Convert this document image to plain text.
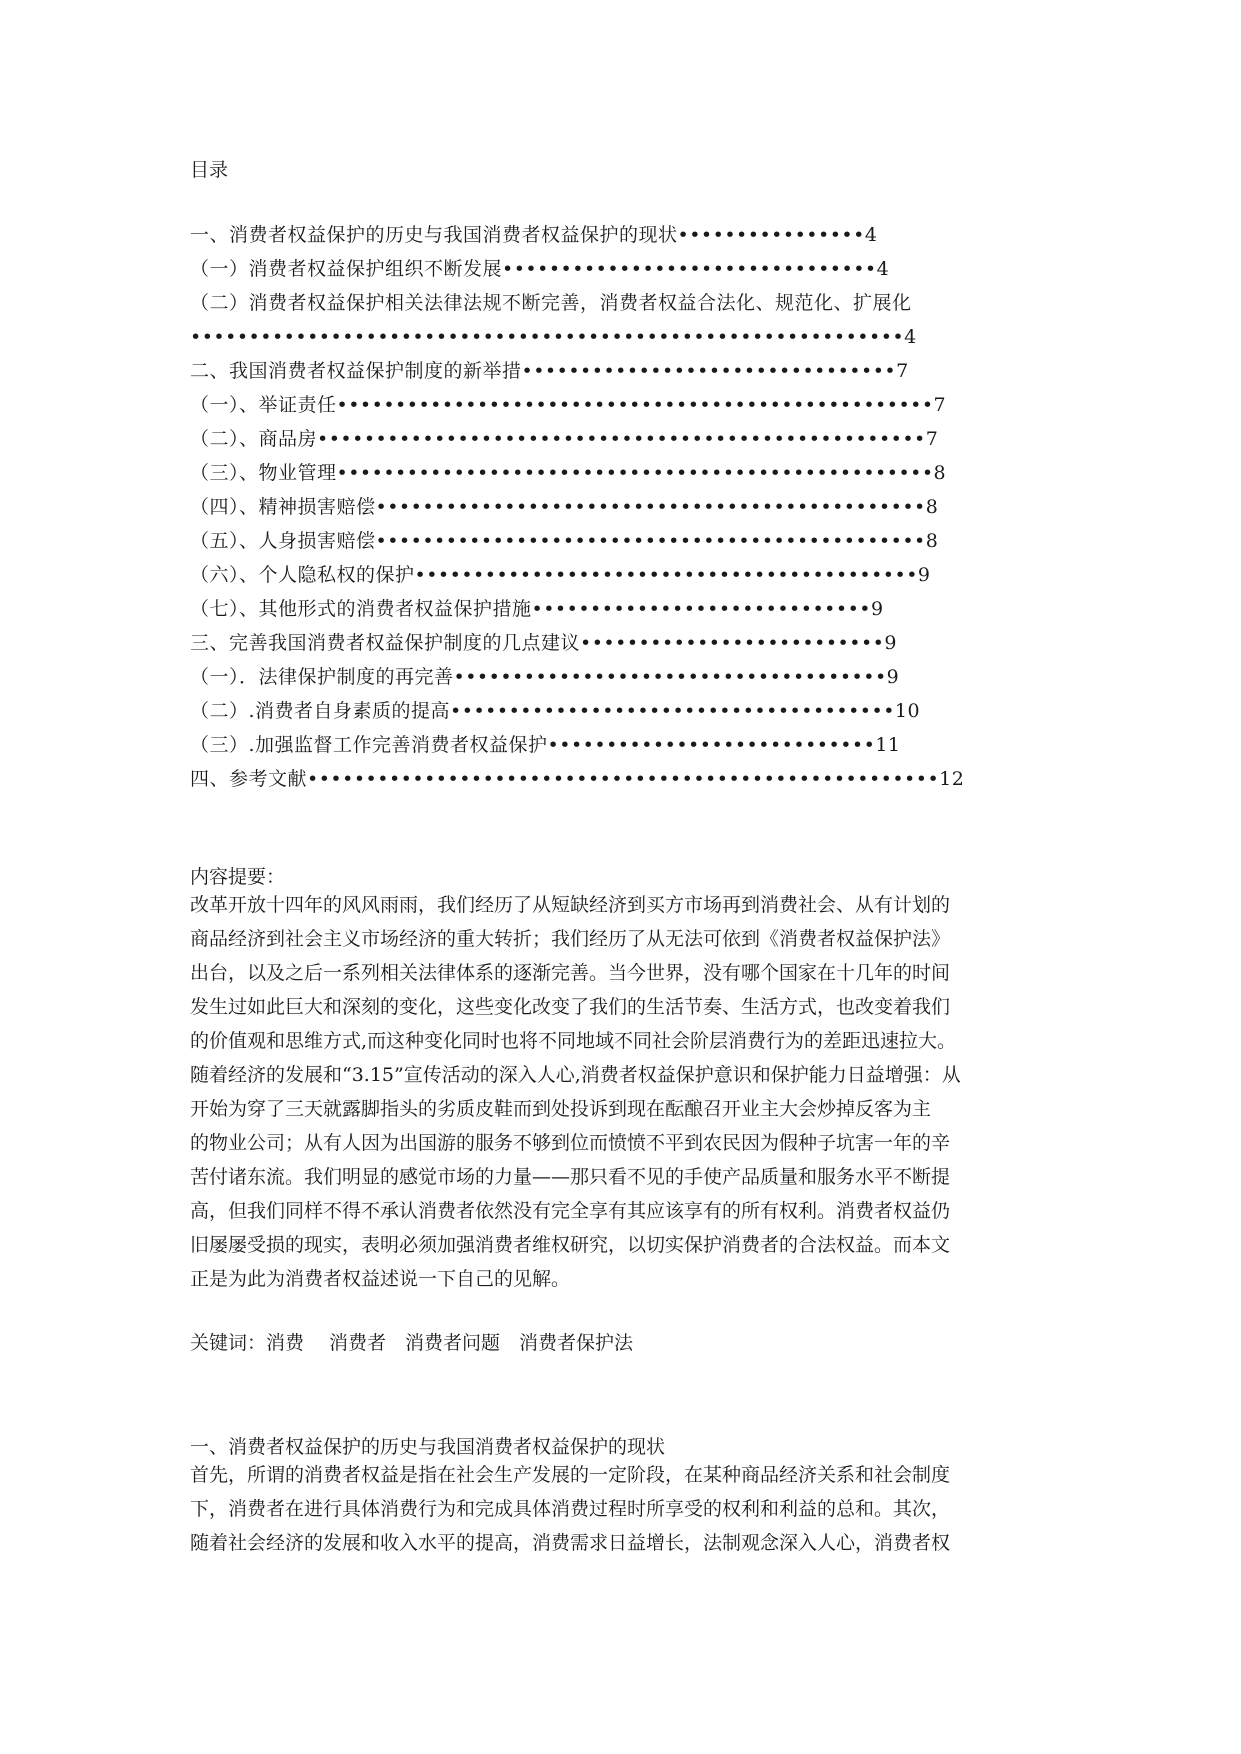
目录
一、消费者权益保护的历史与我国消费者权益保护的现状••••••••••••••••4
（一）消费者权益保护组织不断发展••••••••••••••••••••••••••••••••4
（二）消费者权益保护相关法律法规不断完善，消费者权益合法化、规范化、扩展化
•••••••••••••••••••••••••••••••••••••••••••••••••••••••••••••4
二、我国消费者权益保护制度的新举措••••••••••••••••••••••••••••••••7
（一）、举证责任•••••••••••••••••••••••••••••••••••••••••••••••••••7
（二）、商品房••••••••••••••••••••••••••••••••••••••••••••••••••••7
（三）、物业管理•••••••••••••••••••••••••••••••••••••••••••••••••••8
（四）、精神损害赔偿•••••••••••••••••••••••••••••••••••••••••••••••8
（五）、人身损害赔偿•••••••••••••••••••••••••••••••••••••••••••••••8
（六）、个人隐私权的保护•••••••••••••••••••••••••••••••••••••••••••9
（七）、其他形式的消费者权益保护措施•••••••••••••••••••••••••••••9
三、完善我国消费者权益保护制度的几点建议••••••••••••••••••••••••••9
（一）．法律保护制度的再完善•••••••••••••••••••••••••••••••••••••9
（二）.消费者自身素质的提高••••••••••••••••••••••••••••••••••••••10
（三）.加强监督工作完善消费者权益保护••••••••••••••••••••••••••••11
四、参考文献••••••••••••••••••••••••••••••••••••••••••••••••••••••12
内容提要：
改革开放十四年的风风雨雨，我们经历了从短缺经济到买方市场再到消费社会、从有计划的
商品经济到社会主义市场经济的重大转折；我们经历了从无法可依到《消费者权益保护法》
出台，以及之后一系列相关法律体系的逐渐完善。当今世界，没有哪个国家在十几年的时间
发生过如此巨大和深刻的变化，这些变化改变了我们的生活节奏、生活方式，也改变着我们
的价值观和思维方式,而这种变化同时也将不同地域不同社会阶层消费行为的差距迅速拉大。
随着经济的发展和“3.15”宣传活动的深入人心,消费者权益保护意识和保护能力日益增强：从
开始为穿了三天就露脚指头的劣质皮鞋而到处投诉到现在酝酿召开业主大会炒掉反客为主
的物业公司；从有人因为出国游的服务不够到位而愤愤不平到农民因为假种子坑害一年的辛
苦付诸东流。我们明显的感觉市场的力量——那只看不见的手使产品质量和服务水平不断提
高，但我们同样不得不承认消费者依然没有完全享有其应该享有的所有权利。消费者权益仍
旧屡屡受损的现实，表明必须加强消费者维权研究，以切实保护消费者的合法权益。而本文
正是为此为消费者权益述说一下自己的见解。
关键词：消费　 消费者　消费者问题　消费者保护法
一、消费者权益保护的历史与我国消费者权益保护的现状
首先，所谓的消费者权益是指在社会生产发展的一定阶段，在某种商品经济关系和社会制度
下，消费者在进行具体消费行为和完成具体消费过程时所享受的权利和利益的总和。其次，
随着社会经济的发展和收入水平的提高，消费需求日益增长，法制观念深入人心，消费者权
